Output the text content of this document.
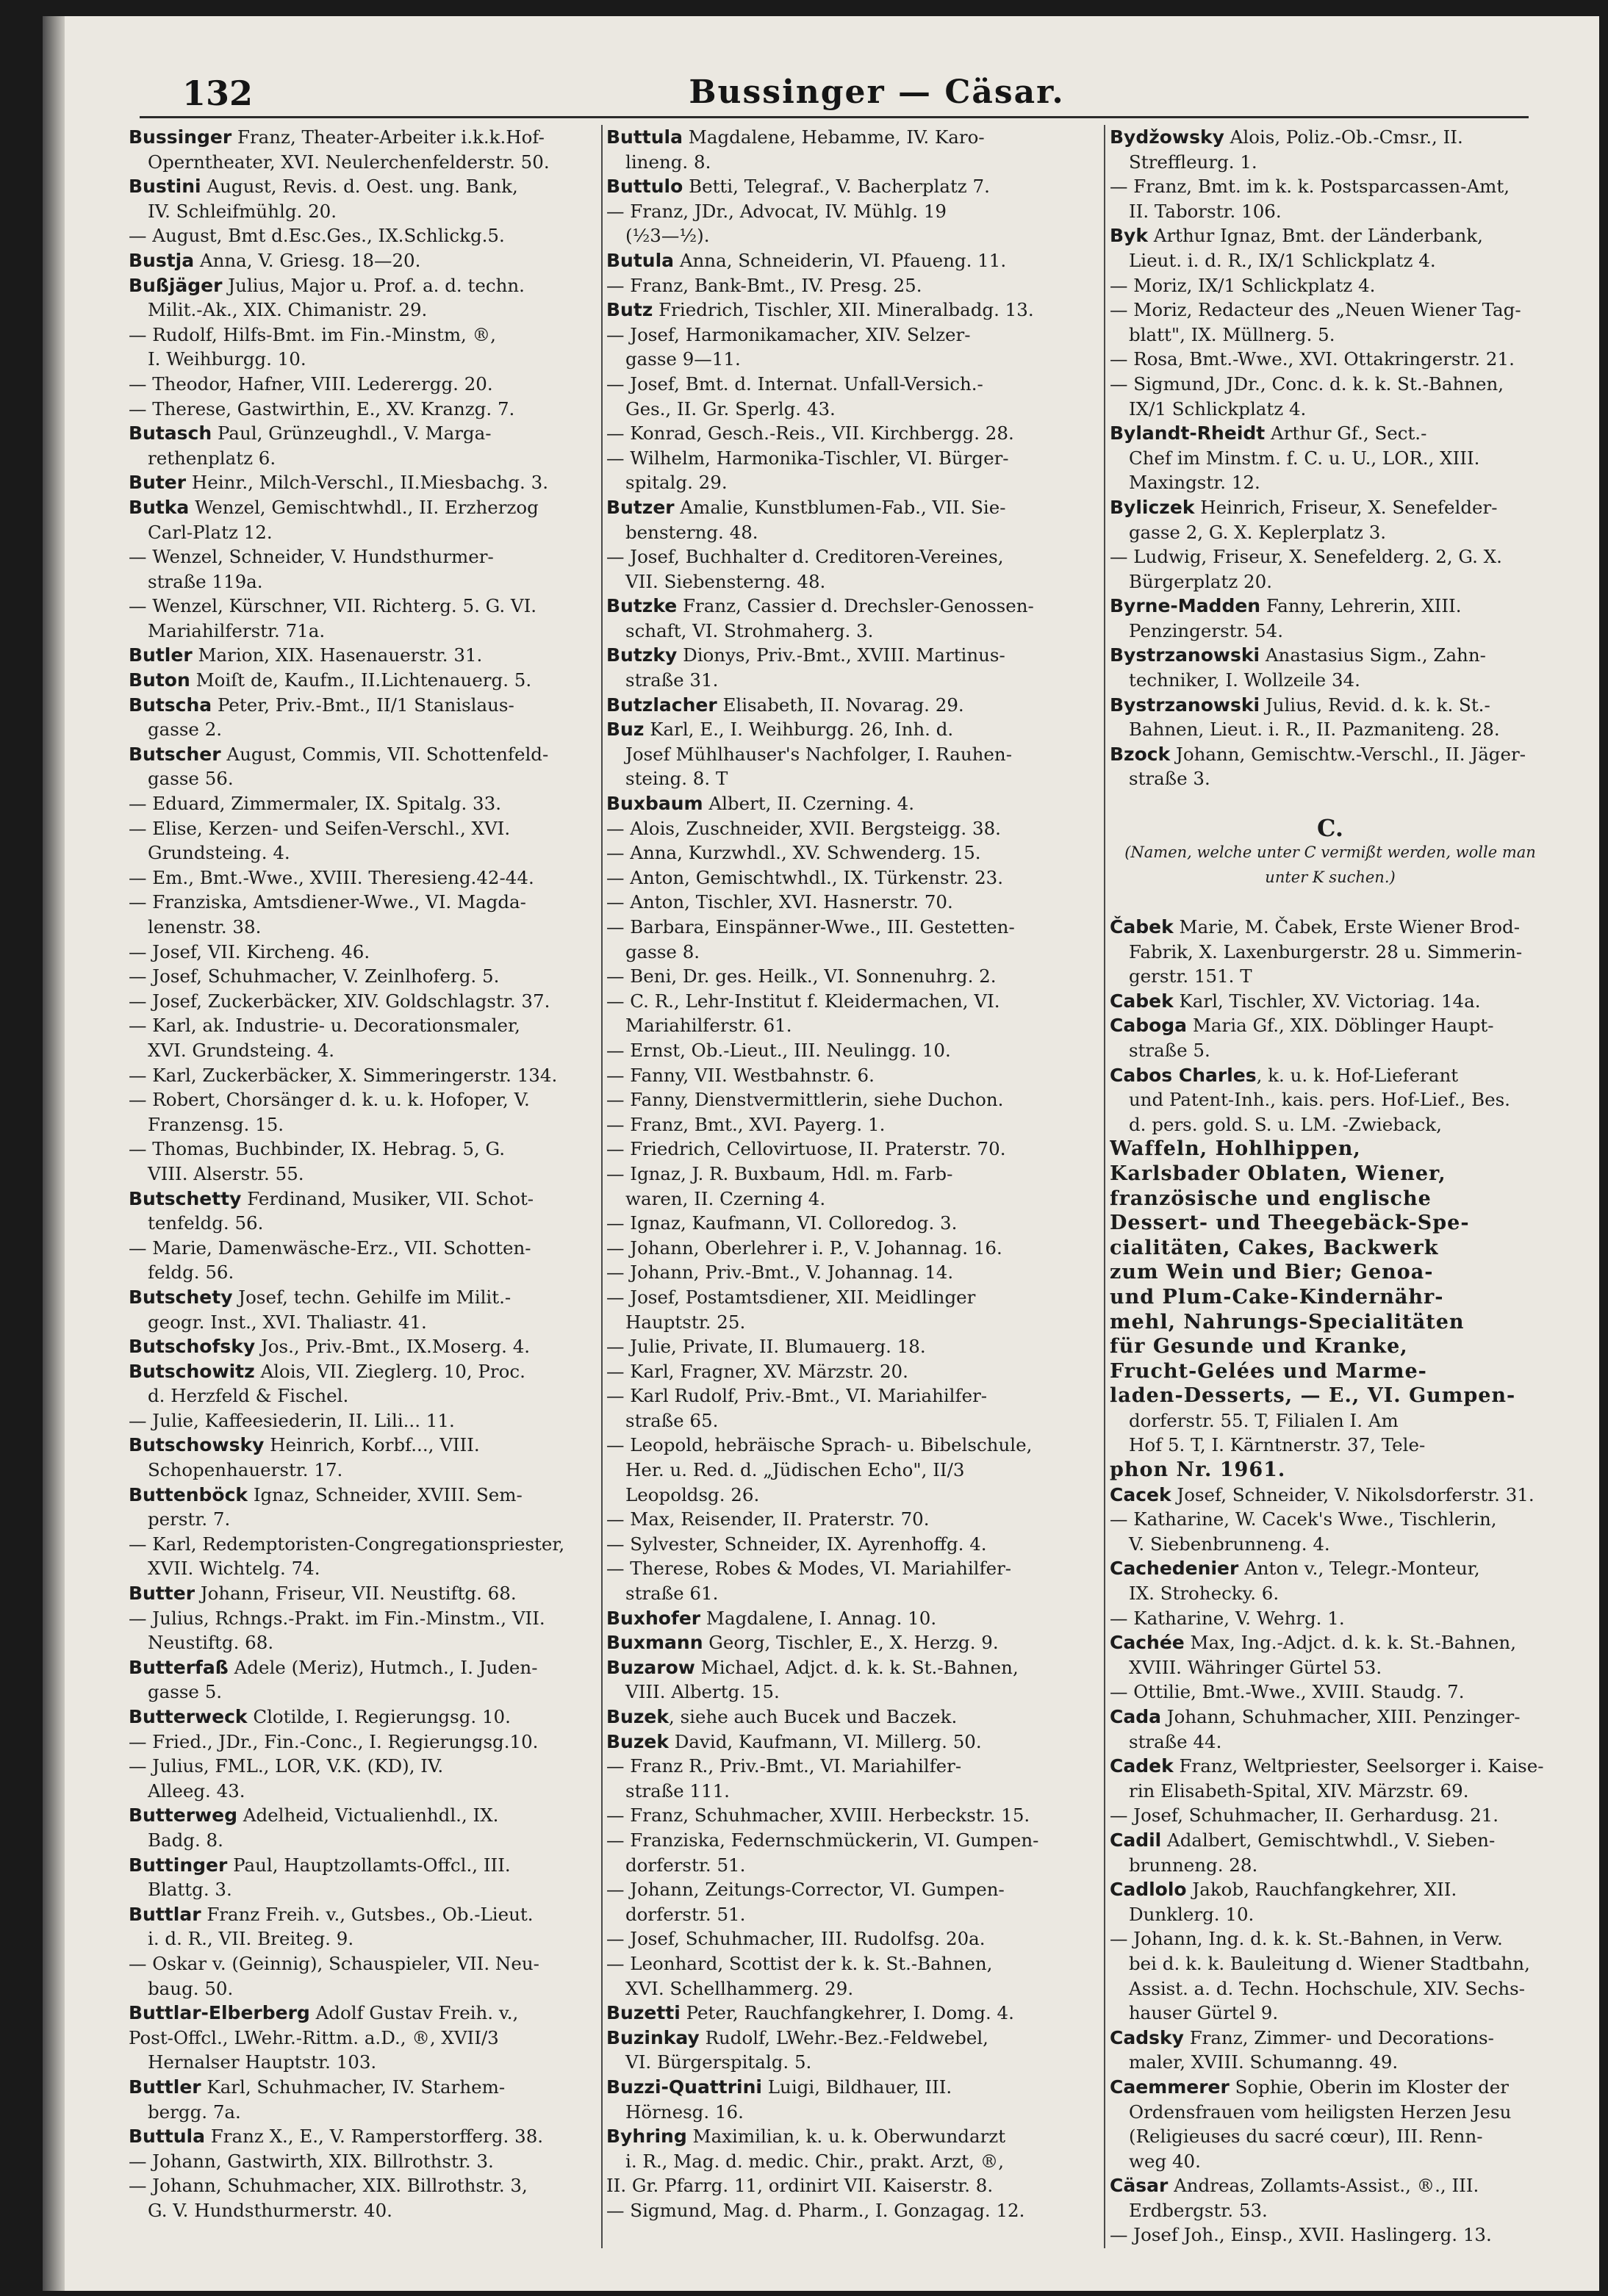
132	Bussinger — Cäsar.
Bussinger Franz, Theater-Arbeiter i.k.k.Hof-
Operntheater, XVI. Neulerchenfelderstr. 50.
Bustini August, Revis. d. Oest. ung. Bank,
IV. Schleifmühlg. 20.
— August, Bmt d.Esc.Ges., IX.Schlickg.5.
Bustja Anna, V. Griesg. 18—20.
Bußjäger Julius, Major u. Prof. a. d. techn.
Milit.-Ak., XIX. Chimanistr. 29.
— Rudolf, Hilfs-Bmt. im Fin.-Minstm, ®,
I. Weihburgg. 10.
— Theodor, Hafner, VIII. Lederergg. 20.
— Therese, Gastwirthin, E., XV. Kranzg. 7.
Butasch Paul, Grünzeughdl., V. Marga-
rethenplatz 6.
Buter Heinr., Milch-Verschl., II.Miesbachg. 3.
Butka Wenzel, Gemischtwhdl., II. Erzherzog
Carl-Platz 12.
— Wenzel, Schneider, V. Hundsthurmer-
straße 119a.
— Wenzel, Kürschner, VII. Richterg. 5. G. VI.
Mariahilferstr. 71a.
Butler Marion, XIX. Hasenauerstr. 31.
Buton Moiſt de, Kaufm., II.Lichtenauerg. 5.
Butscha Peter, Priv.-Bmt., II/1 Stanislaus-
gasse 2.
Butscher August, Commis, VII. Schottenfeld-
gasse 56.
— Eduard, Zimmermaler, IX. Spitalg. 33.
— Elise, Kerzen- und Seifen-Verschl., XVI.
Grundsteing. 4.
— Em., Bmt.-Wwe., XVIII. Theresieng.42-44.
— Franziska, Amtsdiener-Wwe., VI. Magda-
lenenstr. 38.
— Josef, VII. Kircheng. 46.
— Josef, Schuhmacher, V. Zeinlhoferg. 5.
— Josef, Zuckerbäcker, XIV. Goldschlagstr. 37.
— Karl, ak. Industrie- u. Decorationsmaler,
XVI. Grundsteing. 4.
— Karl, Zuckerbäcker, X. Simmeringerstr. 134.
— Robert, Chorsänger d. k. u. k. Hofoper, V.
Franzensg. 15.
— Thomas, Buchbinder, IX. Hebrag. 5, G.
VIII. Alserstr. 55.
Butschetty Ferdinand, Musiker, VII. Schot-
tenfeldg. 56.
— Marie, Damenwäsche-Erz., VII. Schotten-
feldg. 56.
Butschety Josef, techn. Gehilfe im Milit.-
geogr. Inst., XVI. Thaliastr. 41.
Butschofsky Jos., Priv.-Bmt., IX.Moserg. 4.
Butschowitz Alois, VII. Zieglerg. 10, Proc.
d. Herzfeld & Fischel.
— Julie, Kaffeesiederin, II. Lili... 11.
Butschowsky Heinrich, Korbf..., VIII.
Schopenhauerstr. 17.
Buttenböck Ignaz, Schneider, XVIII. Sem-
perstr. 7.
— Karl, Redemptoristen-Congregationspriester,
XVII. Wichtelg. 74.
Butter Johann, Friseur, VII. Neustiftg. 68.
— Julius, Rchngs.-Prakt. im Fin.-Minstm., VII.
Neustiftg. 68.
Butterfaß Adele (Meriz), Hutmch., I. Juden-
gasse 5.
Butterweck Clotilde, I. Regierungsg. 10.
— Fried., JDr., Fin.-Conc., I. Regierungsg.10.
— Julius, FML., LOR, V.K. (KD), IV.
Alleeg. 43.
Butterweg Adelheid, Victualienhdl., IX.
Badg. 8.
Buttinger Paul, Hauptzollamts-Offcl., III.
Blattg. 3.
Buttlar Franz Freih. v., Gutsbes., Ob.-Lieut.
i. d. R., VII. Breiteg. 9.
— Oskar v. (Geinnig), Schauspieler, VII. Neu-
baug. 50.
Buttlar-Elberberg Adolf Gustav Freih. v.,
Post-Offcl., LWehr.-Rittm. a.D., ®, XVII/3
Hernalser Hauptstr. 103.
Buttler Karl, Schuhmacher, IV. Starhem-
bergg. 7a.
Buttula Franz X., E., V. Ramperstorfferg. 38.
— Johann, Gastwirth, XIX. Billrothstr. 3.
— Johann, Schuhmacher, XIX. Billrothstr. 3,
G. V. Hundsthurmerstr. 40.
Buttula Magdalene, Hebamme, IV. Karo-
lineng. 8.
Buttulo Betti, Telegraf., V. Bacherplatz 7.
— Franz, JDr., Advocat, IV. Mühlg. 19
(½3—½).
Butula Anna, Schneiderin, VI. Pfaueng. 11.
— Franz, Bank-Bmt., IV. Presg. 25.
Butz Friedrich, Tischler, XII. Mineralbadg. 13.
— Josef, Harmonikamacher, XIV. Selzer-
gasse 9—11.
— Josef, Bmt. d. Internat. Unfall-Versich.-
Ges., II. Gr. Sperlg. 43.
— Konrad, Gesch.-Reis., VII. Kirchbergg. 28.
— Wilhelm, Harmonika-Tischler, VI. Bürger-
spitalg. 29.
Butzer Amalie, Kunstblumen-Fab., VII. Sie-
bensterng. 48.
— Josef, Buchhalter d. Creditoren-Vereines,
VII. Siebensterng. 48.
Butzke Franz, Cassier d. Drechsler-Genossen-
schaft, VI. Strohmaherg. 3.
Butzky Dionys, Priv.-Bmt., XVIII. Martinus-
straße 31.
Butzlacher Elisabeth, II. Novarag. 29.
Buz Karl, E., I. Weihburgg. 26, Inh. d.
Josef Mühlhauser's Nachfolger, I. Rauhen-
steing. 8. T
Buxbaum Albert, II. Czerning. 4.
— Alois, Zuschneider, XVII. Bergsteigg. 38.
— Anna, Kurzwhdl., XV. Schwenderg. 15.
— Anton, Gemischtwhdl., IX. Türkenstr. 23.
— Anton, Tischler, XVI. Hasnerstr. 70.
— Barbara, Einspänner-Wwe., III. Gestetten-
gasse 8.
— Beni, Dr. ges. Heilk., VI. Sonnenuhrg. 2.
— C. R., Lehr-Institut f. Kleidermachen, VI.
Mariahilferstr. 61.
— Ernst, Ob.-Lieut., III. Neulingg. 10.
— Fanny, VII. Westbahnstr. 6.
— Fanny, Dienstvermittlerin, siehe Duchon.
— Franz, Bmt., XVI. Payerg. 1.
— Friedrich, Cellovirtuose, II. Praterstr. 70.
— Ignaz, J. R. Buxbaum, Hdl. m. Farb-
waren, II. Czerning 4.
— Ignaz, Kaufmann, VI. Colloredog. 3.
— Johann, Oberlehrer i. P., V. Johannag. 16.
— Johann, Priv.-Bmt., V. Johannag. 14.
— Josef, Postamtsdiener, XII. Meidlinger
Hauptstr. 25.
— Julie, Private, II. Blumauerg. 18.
— Karl, Fragner, XV. Märzstr. 20.
— Karl Rudolf, Priv.-Bmt., VI. Mariahilfer-
straße 65.
— Leopold, hebräische Sprach- u. Bibelschule,
Her. u. Red. d. „Jüdischen Echo", II/3
Leopoldsg. 26.
— Max, Reisender, II. Praterstr. 70.
— Sylvester, Schneider, IX. Ayrenhoffg. 4.
— Therese, Robes & Modes, VI. Mariahilfer-
straße 61.
Buxhofer Magdalene, I. Annag. 10.
Buxmann Georg, Tischler, E., X. Herzg. 9.
Buzarow Michael, Adjct. d. k. k. St.-Bahnen,
VIII. Albertg. 15.
Buzek, siehe auch Bucek und Baczek.
Buzek David, Kaufmann, VI. Millerg. 50.
— Franz R., Priv.-Bmt., VI. Mariahilfer-
straße 111.
— Franz, Schuhmacher, XVIII. Herbeckstr. 15.
— Franziska, Federnschmückerin, VI. Gumpen-
dorferstr. 51.
— Johann, Zeitungs-Corrector, VI. Gumpen-
dorferstr. 51.
— Josef, Schuhmacher, III. Rudolfsg. 20a.
— Leonhard, Scottist der k. k. St.-Bahnen,
XVI. Schellhammerg. 29.
Buzetti Peter, Rauchfangkehrer, I. Domg. 4.
Buzinkay Rudolf, LWehr.-Bez.-Feldwebel,
VI. Bürgerspitalg. 5.
Buzzi-Quattrini Luigi, Bildhauer, III.
Hörnesg. 16.
Byhring Maximilian, k. u. k. Oberwundarzt
i. R., Mag. d. medic. Chir., prakt. Arzt, ®,
II. Gr. Pfarrg. 11, ordinirt VII. Kaiserstr. 8.
— Sigmund, Mag. d. Pharm., I. Gonzagag. 12.
Bydžowsky Alois, Poliz.-Ob.-Cmsr., II.
Streffleurg. 1.
— Franz, Bmt. im k. k. Postsparcassen-Amt,
II. Taborstr. 106.
Byk Arthur Ignaz, Bmt. der Länderbank,
Lieut. i. d. R., IX/1 Schlickplatz 4.
— Moriz, IX/1 Schlickplatz 4.
— Moriz, Redacteur des „Neuen Wiener Tag-
blatt", IX. Müllnerg. 5.
— Rosa, Bmt.-Wwe., XVI. Ottakringerstr. 21.
— Sigmund, JDr., Conc. d. k. k. St.-Bahnen,
IX/1 Schlickplatz 4.
Bylandt-Rheidt Arthur Gf., Sect.-
Chef im Minstm. f. C. u. U., LOR., XIII.
Maxingstr. 12.
Byliczek Heinrich, Friseur, X. Senefelder-
gasse 2, G. X. Keplerplatz 3.
— Ludwig, Friseur, X. Senefelderg. 2, G. X.
Bürgerplatz 20.
Byrne-Madden Fanny, Lehrerin, XIII.
Penzingerstr. 54.
Bystrzanowski Anastasius Sigm., Zahn-
techniker, I. Wollzeile 34.
Bystrzanowski Julius, Revid. d. k. k. St.-
Bahnen, Lieut. i. R., II. Pazmaniteng. 28.
Bzock Johann, Gemischtw.-Verschl., II. Jäger-
straße 3.
C.
(Namen, welche unter C vermißt werden, wolle man
unter K suchen.)
Čabek Marie, M. Čabek, Erste Wiener Brod-
Fabrik, X. Laxenburgerstr. 28 u. Simmerin-
gerstr. 151. T
Cabek Karl, Tischler, XV. Victoriag. 14a.
Caboga Maria Gf., XIX. Döblinger Haupt-
straße 5.
Cabos Charles, k. u. k. Hof-Lieferant
und Patent-Inh., kais. pers. Hof-Lief., Bes.
d. pers. gold. S. u. LM. -Zwieback,
Waffeln, Hohlhippen,
Karlsbader Oblaten, Wiener,
französische und englische
Dessert- und Theegebäck-Spe-
cialitäten, Cakes, Backwerk
zum Wein und Bier; Genoa-
und Plum-Cake-Kindernähr-
mehl, Nahrungs-Specialitäten
für Gesunde und Kranke,
Frucht-Gelées und Marme-
laden-Desserts, — E., VI. Gumpen-
dorferstr. 55. T, Filialen I. Am
Hof 5. T, I. Kärntnerstr. 37, Tele-
phon Nr. 1961.
Cacek Josef, Schneider, V. Nikolsdorferstr. 31.
— Katharine, W. Cacek's Wwe., Tischlerin,
V. Siebenbrunneng. 4.
Cachedenier Anton v., Telegr.-Monteur,
IX. Strohecky. 6.
— Katharine, V. Wehrg. 1.
Cachée Max, Ing.-Adjct. d. k. k. St.-Bahnen,
XVIII. Währinger Gürtel 53.
— Ottilie, Bmt.-Wwe., XVIII. Staudg. 7.
Cada Johann, Schuhmacher, XIII. Penzinger-
straße 44.
Cadek Franz, Weltpriester, Seelsorger i. Kaise-
rin Elisabeth-Spital, XIV. Märzstr. 69.
— Josef, Schuhmacher, II. Gerhardusg. 21.
Cadil Adalbert, Gemischtwhdl., V. Sieben-
brunneng. 28.
Cadlolo Jakob, Rauchfangkehrer, XII.
Dunklerg. 10.
— Johann, Ing. d. k. k. St.-Bahnen, in Verw.
bei d. k. k. Bauleitung d. Wiener Stadtbahn,
Assist. a. d. Techn. Hochschule, XIV. Sechs-
hauser Gürtel 9.
Cadsky Franz, Zimmer- und Decorations-
maler, XVIII. Schumanng. 49.
Caemmerer Sophie, Oberin im Kloster der
Ordensfrauen vom heiligsten Herzen Jesu
(Religieuses du sacré cœur), III. Renn-
weg 40.
Cäsar Andreas, Zollamts-Assist., ®., III.
Erdbergstr. 53.
— Josef Joh., Einsp., XVII. Haslingerg. 13.
